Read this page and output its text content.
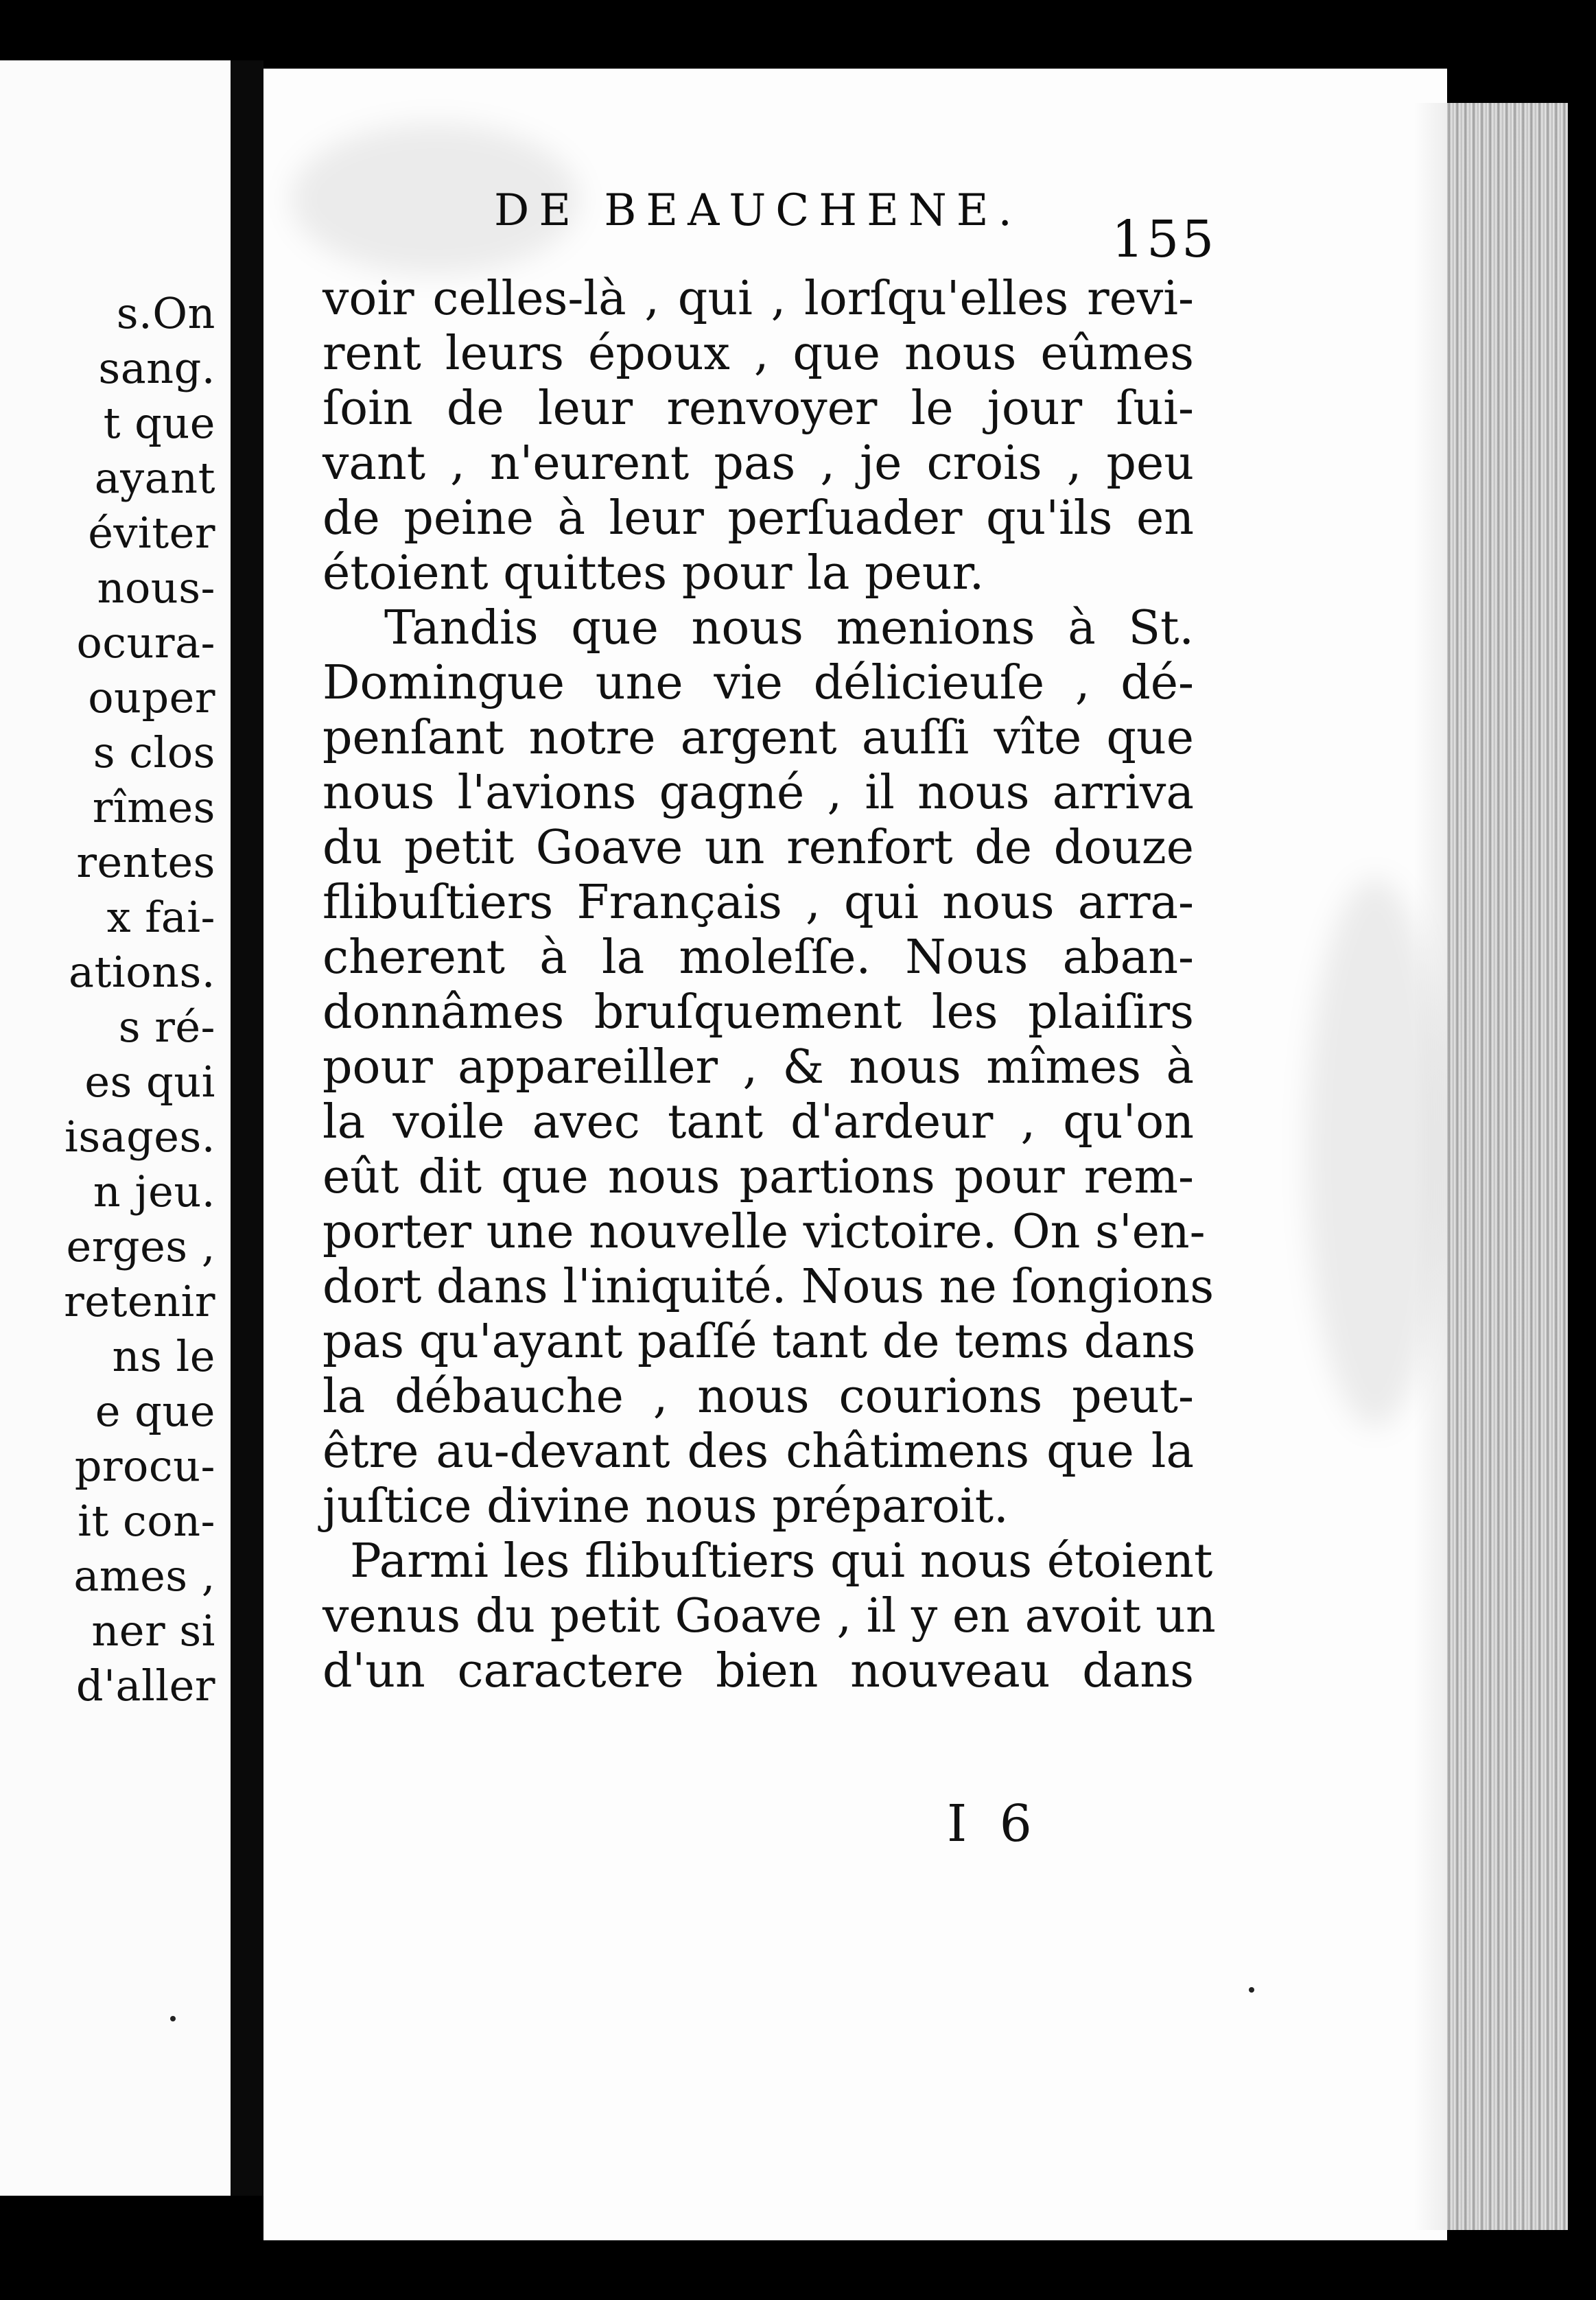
s.On
sang.
t que
ayant
éviter
nous-
ocura-
ouper
s clos
rîmes
rentes
x fai-
ations.
s ré-
es qui
isages.
n jeu.
erges ,
retenir
ns le
e que
procu-
it con-
ames ,
ner si
d'aller
DE BEAUCHENE. 155
voir celles-là , qui , lorſqu'elles revi-
rent leurs époux , que nous eûmes
ſoin de leur renvoyer le jour ſui-
vant , n'eurent pas , je crois , peu
de peine à leur perſuader qu'ils en
étoient quittes pour la peur.
Tandis que nous menions à St.
Domingue une vie délicieuſe , dé-
penſant notre argent auſſi vîte que
nous l'avions gagné , il nous arriva
du petit Goave un renfort de douze
flibuſtiers Français , qui nous arra-
cherent à la moleſſe. Nous aban-
donnâmes bruſquement les plaiſirs
pour appareiller , & nous mîmes à
la voile avec tant d'ardeur , qu'on
eût dit que nous partions pour rem-
porter une nouvelle victoire. On s'en-
dort dans l'iniquité. Nous ne ſongions
pas qu'ayant paſſé tant de tems dans
la débauche , nous courions peut-
être au-devant des châtimens que la
juſtice divine nous préparoit.
Parmi les flibuſtiers qui nous étoient
venus du petit Goave , il y en avoit un
d'un caractere bien nouveau dans
I 6
